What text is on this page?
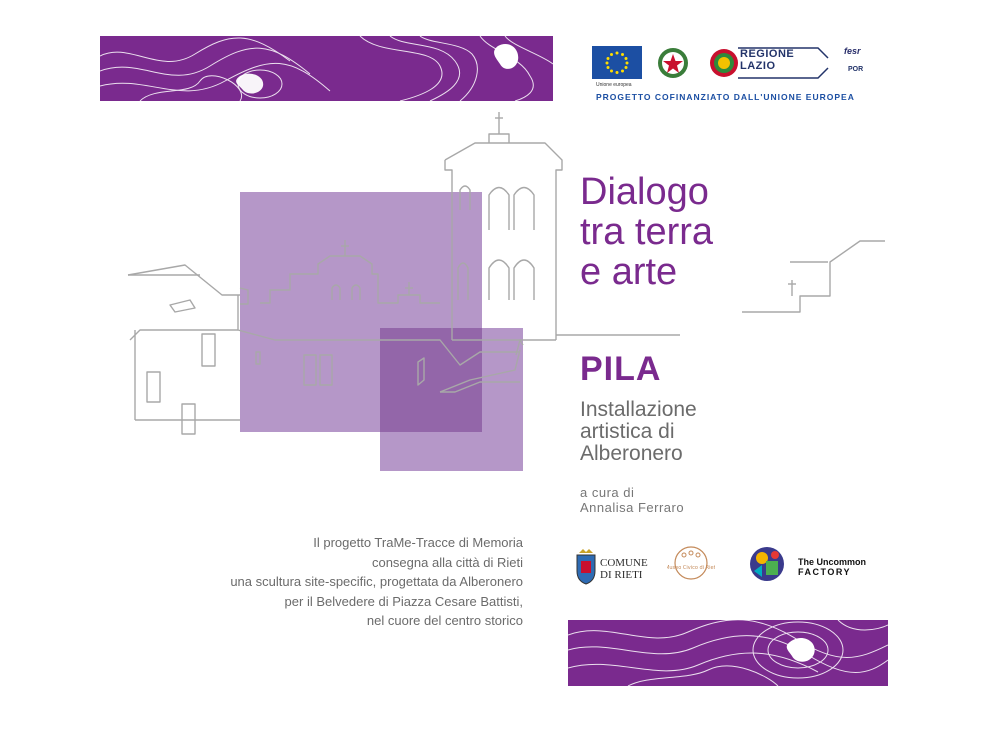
Unione europea
REGIONE
LAZIO
fesr
POR
PROGETTO COFINANZIATO DALL'UNIONE EUROPEA
Dialogo
tra terra
e arte
PILA
Installazione
artistica di
Alberonero
a cura di
Annalisa Ferraro
Il progetto TraMe-Tracce di Memoria
consegna alla città di Rieti
una scultura site-specific, progettata da Alberonero
per il Belvedere di Piazza Cesare Battisti,
nel cuore del centro storico
COMUNE
DI RIETI
Museo Civico di Rieti
The Uncommon
FACTORY
